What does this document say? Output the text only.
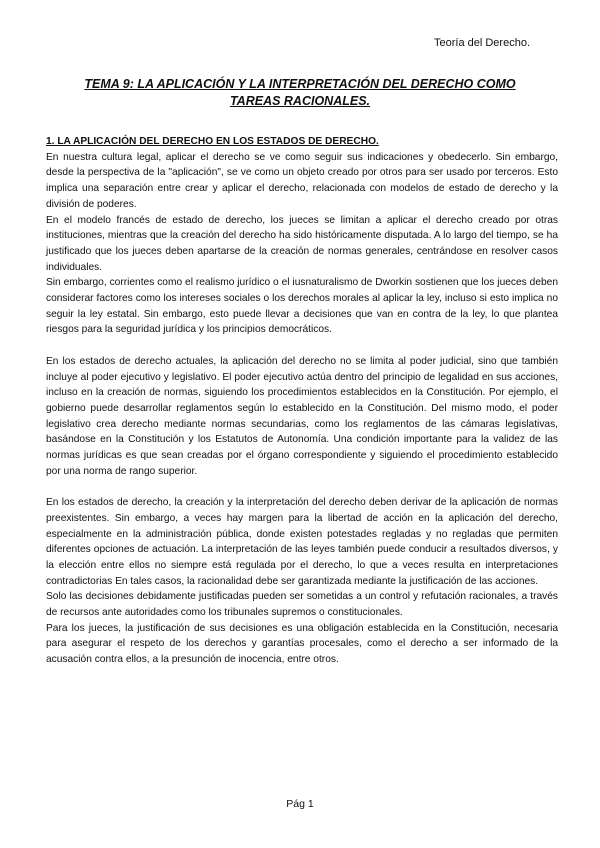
Teoría del Derecho.
TEMA 9: LA APLICACIÓN Y LA INTERPRETACIÓN DEL DERECHO COMO TAREAS RACIONALES.

1. LA APLICACIÓN DEL DERECHO EN LOS ESTADOS DE DERECHO.

En nuestra cultura legal, aplicar el derecho se ve como seguir sus indicaciones y obedecerlo. Sin embargo, desde la perspectiva de la "aplicación", se ve como un objeto creado por otros para ser usado por terceros. Esto implica una separación entre crear y aplicar el derecho, relacionada con modelos de estado de derecho y la división de poderes.

En el modelo francés de estado de derecho, los jueces se limitan a aplicar el derecho creado por otras instituciones, mientras que la creación del derecho ha sido históricamente disputada. A lo largo del tiempo, se ha justificado que los jueces deben apartarse de la creación de normas generales, centrándose en resolver casos individuales.

Sin embargo, corrientes como el realismo jurídico o el iusnaturalismo de Dworkin sostienen que los jueces deben considerar factores como los intereses sociales o los derechos morales al aplicar la ley, incluso si esto implica no seguir la ley estatal. Sin embargo, esto puede llevar a decisiones que van en contra de la ley, lo que plantea riesgos para la seguridad jurídica y los principios democráticos.

En los estados de derecho actuales, la aplicación del derecho no se limita al poder judicial, sino que también incluye al poder ejecutivo y legislativo. El poder ejecutivo actúa dentro del principio de legalidad en sus acciones, incluso en la creación de normas, siguiendo los procedimientos establecidos en la Constitución. Por ejemplo, el gobierno puede desarrollar reglamentos según lo establecido en la Constitución. Del mismo modo, el poder legislativo crea derecho mediante normas secundarias, como los reglamentos de las cámaras legislativas, basándose en la Constitución y los Estatutos de Autonomía. Una condición importante para la validez de las normas jurídicas es que sean creadas por el órgano correspondiente y siguiendo el procedimiento establecido por una norma de rango superior.

En los estados de derecho, la creación y la interpretación del derecho deben derivar de la aplicación de normas preexistentes. Sin embargo, a veces hay margen para la libertad de acción en la aplicación del derecho, especialmente en la administración pública, donde existen potestades regladas y no regladas que permiten diferentes opciones de actuación. La interpretación de las leyes también puede conducir a resultados diversos, y la elección entre ellos no siempre está regulada por el derecho, lo que a veces resulta en interpretaciones contradictorias En tales casos, la racionalidad debe ser garantizada mediante la justificación de las acciones.

Solo las decisiones debidamente justificadas pueden ser sometidas a un control y refutación racionales, a través de recursos ante autoridades como los tribunales supremos o constitucionales.

Para los jueces, la justificación de sus decisiones es una obligación establecida en la Constitución, necesaria para asegurar el respeto de los derechos y garantías procesales, como el derecho a ser informado de la acusación contra ellos, a la presunción de inocencia, entre otros.

Pág 1
